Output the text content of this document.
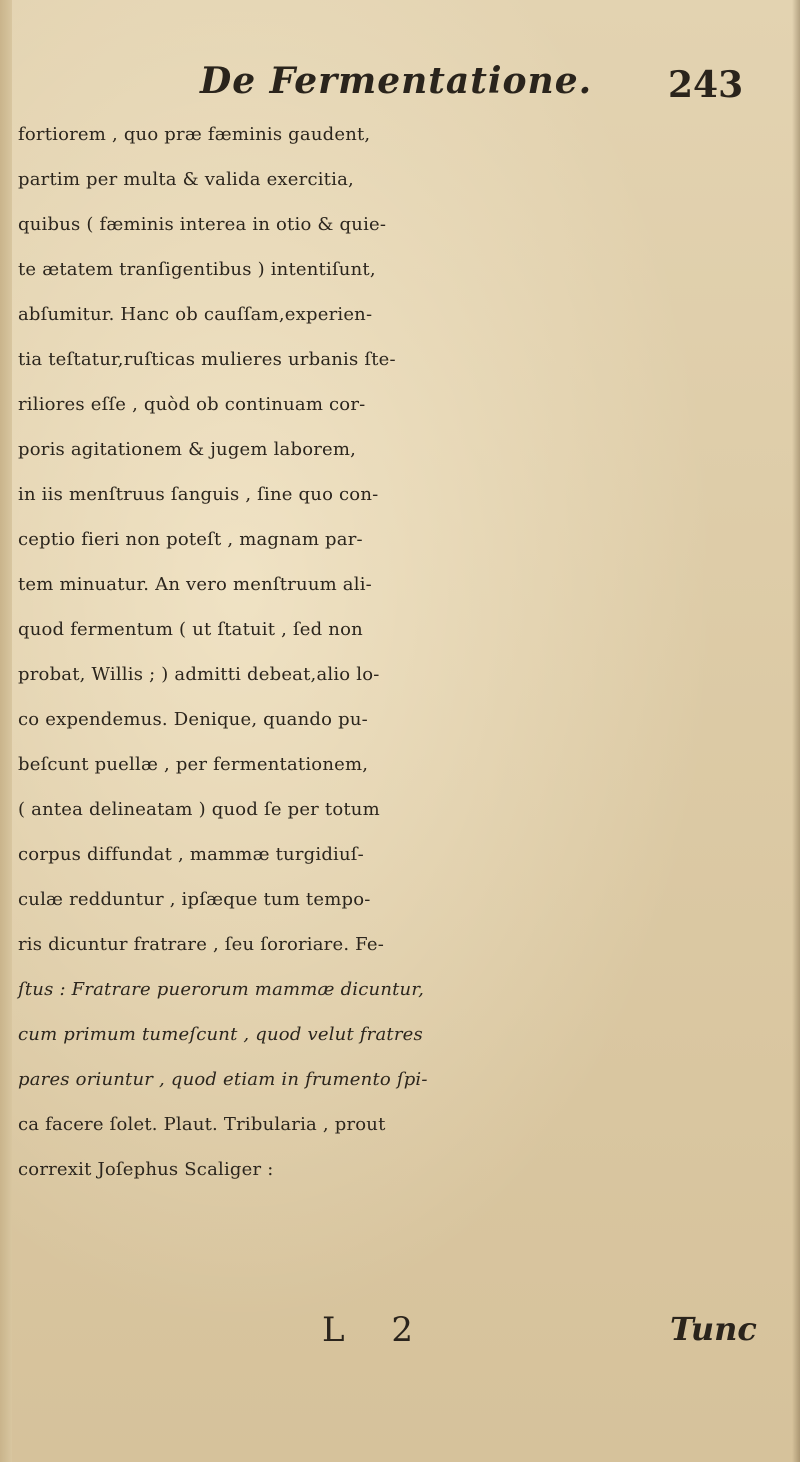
De Fermentatione. 243
fortiorem , quo præ fæminis gaudent,
partim per multa & valida exercitia,
quibus ( fæminis interea in otio & quie-
te ætatem tranſigentibus ) intentiſunt,
abſumitur. Hanc ob cauſſam,experien-
tia teſtatur,ruſticas mulieres urbanis ſte-
riliores eſſe , quòd ob continuam cor-
poris agitationem & jugem laborem,
in iis menſtruus ſanguis , ſine quo con-
ceptio fieri non poteſt , magnam par-
tem minuatur. An vero menſtruum ali-
quod fermentum ( ut ſtatuit , ſed non
probat, Willis ; ) admitti debeat,alio lo-
co expendemus. Denique, quando pu-
beſcunt puellæ , per fermentationem,
( antea delineatam ) quod ſe per totum
corpus diffundat , mammæ turgidiuſ-
culæ redduntur , ipſæque tum tempo-
ris dicuntur fratrare , ſeu ſororiare. Fe-
ſtus : Fratrare puerorum mammæ dicuntur,
cum primum tumeſcunt , quod velut fratres
pares oriuntur , quod etiam in frumento ſpi-
ca facere ſolet. Plaut. Tribularia , prout
correxit Joſephus Scaliger :
L 2	Tunc
